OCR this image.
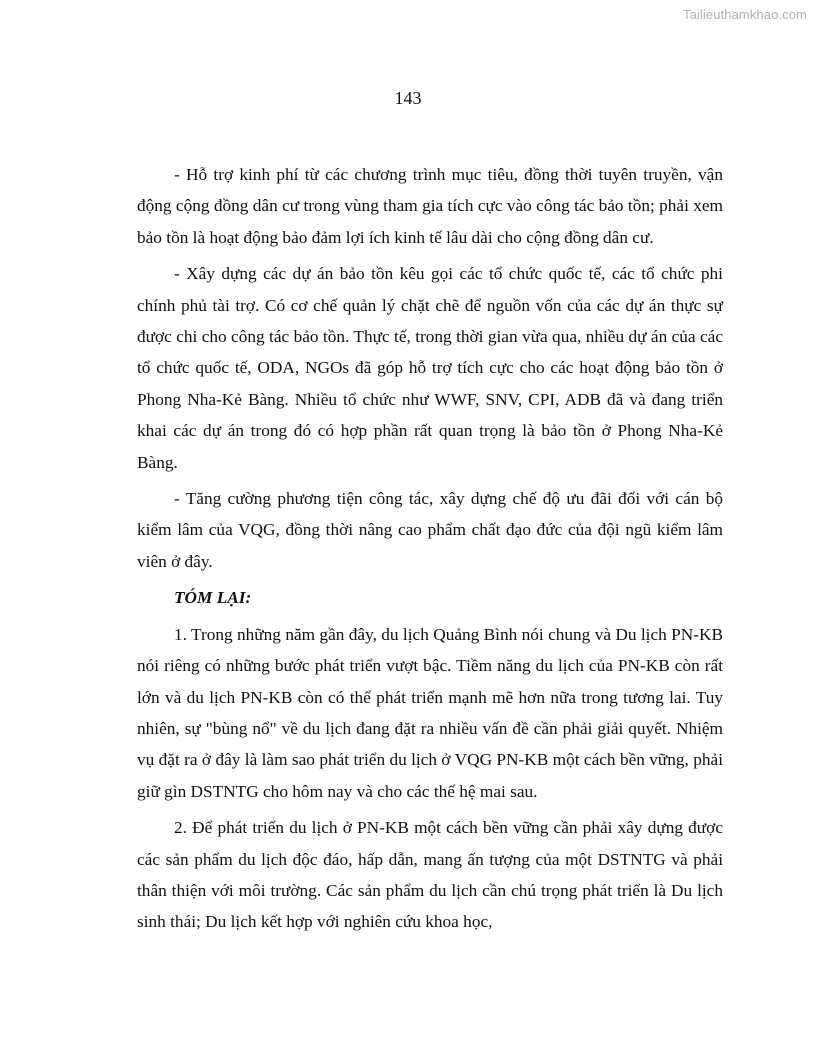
Tailieuthamkhao.com
143

- Hỗ trợ kinh phí từ các chương trình mục tiêu, đồng thời tuyên truyền, vận động cộng đồng dân cư trong vùng tham gia tích cực vào công tác bảo tồn; phải xem bảo tồn là hoạt động bảo đảm lợi ích kinh tế lâu dài cho cộng đồng dân cư.

- Xây dựng các dự án bảo tồn kêu gọi các tổ chức quốc tế, các tổ chức phi chính phủ tài trợ. Có cơ chế quản lý chặt chẽ để nguồn vốn của các dự án thực sự được chi cho công tác bảo tồn. Thực tế, trong thời gian vừa qua, nhiều dự án của các tổ chức quốc tế, ODA, NGOs đã góp hỗ trợ tích cực cho các hoạt động bảo tồn ở Phong Nha-Kẻ Bàng. Nhiều tổ chức như WWF, SNV, CPI, ADB đã và đang triển khai các dự án trong đó có hợp phần rất quan trọng là bảo tồn ở Phong Nha-Kẻ Bàng.

- Tăng cường phương tiện công tác, xây dựng chế độ ưu đãi đối với cán bộ kiểm lâm của VQG, đồng thời nâng cao phẩm chất đạo đức của đội ngũ kiểm lâm viên ở đây.

TÓM LẠI:

1. Trong những năm gần đây, du lịch Quảng Bình nói chung và Du lịch PN-KB nói riêng có những bước phát triển vượt bậc. Tiềm năng du lịch của PN-KB còn rất lớn và du lịch PN-KB còn có thể phát triển mạnh mẽ hơn nữa trong tương lai. Tuy nhiên, sự "bùng nổ" về du lịch đang đặt ra nhiều vấn đề cần phải giải quyết. Nhiệm vụ đặt ra ở đây là làm sao phát triển du lịch ở VQG PN-KB một cách bền vững, phải giữ gìn DSTNTG cho hôm nay và cho các thế hệ mai sau.

2. Để phát triển du lịch ở PN-KB một cách bền vững cần phải xây dựng được các sản phẩm du lịch độc đáo, hấp dẫn, mang ấn tượng của một DSTNTG và phải thân thiện với môi trường. Các sản phẩm du lịch cần chú trọng phát triển là Du lịch sinh thái; Du lịch kết hợp với nghiên cứu khoa học,
